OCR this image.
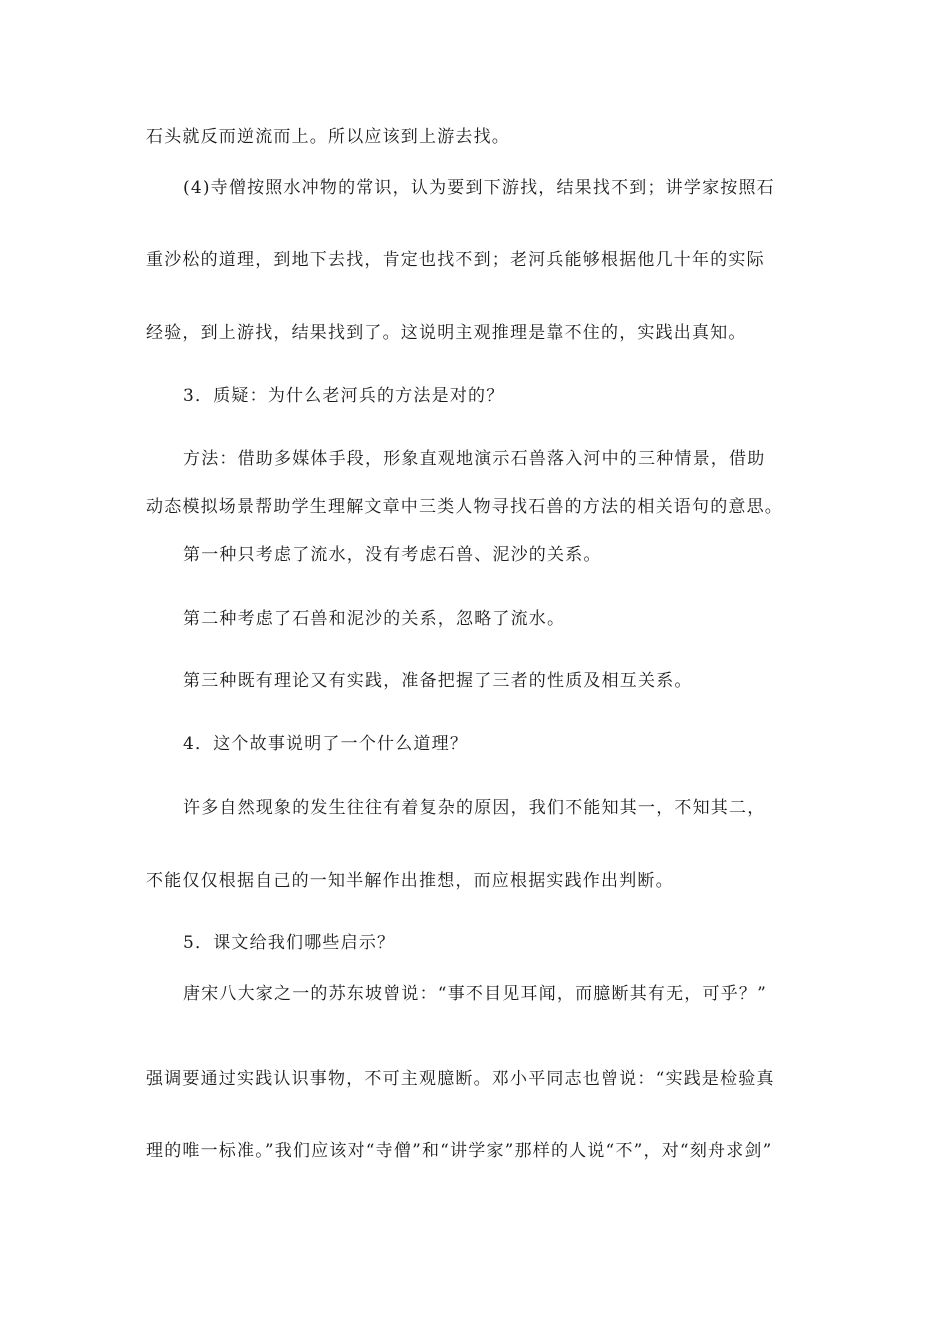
石头就反而逆流而上。所以应该到上游去找。
(4)寺僧按照水冲物的常识，认为要到下游找，结果找不到；讲学家按照石
重沙松的道理，到地下去找，肯定也找不到；老河兵能够根据他几十年的实际
经验，到上游找，结果找到了。这说明主观推理是靠不住的，实践出真知。
3．质疑：为什么老河兵的方法是对的？
方法：借助多媒体手段，形象直观地演示石兽落入河中的三种情景，借助
动态模拟场景帮助学生理解文章中三类人物寻找石兽的方法的相关语句的意思。
第一种只考虑了流水，没有考虑石兽、泥沙的关系。
第二种考虑了石兽和泥沙的关系，忽略了流水。
第三种既有理论又有实践，准备把握了三者的性质及相互关系。
4．这个故事说明了一个什么道理？
许多自然现象的发生往往有着复杂的原因，我们不能知其一，不知其二，
不能仅仅根据自己的一知半解作出推想，而应根据实践作出判断。
5．课文给我们哪些启示？
唐宋八大家之一的苏东坡曾说：“事不目见耳闻，而臆断其有无，可乎？”
强调要通过实践认识事物，不可主观臆断。邓小平同志也曾说：“实践是检验真
理的唯一标准。”我们应该对“寺僧”和“讲学家”那样的人说“不”，对“刻舟求剑”
